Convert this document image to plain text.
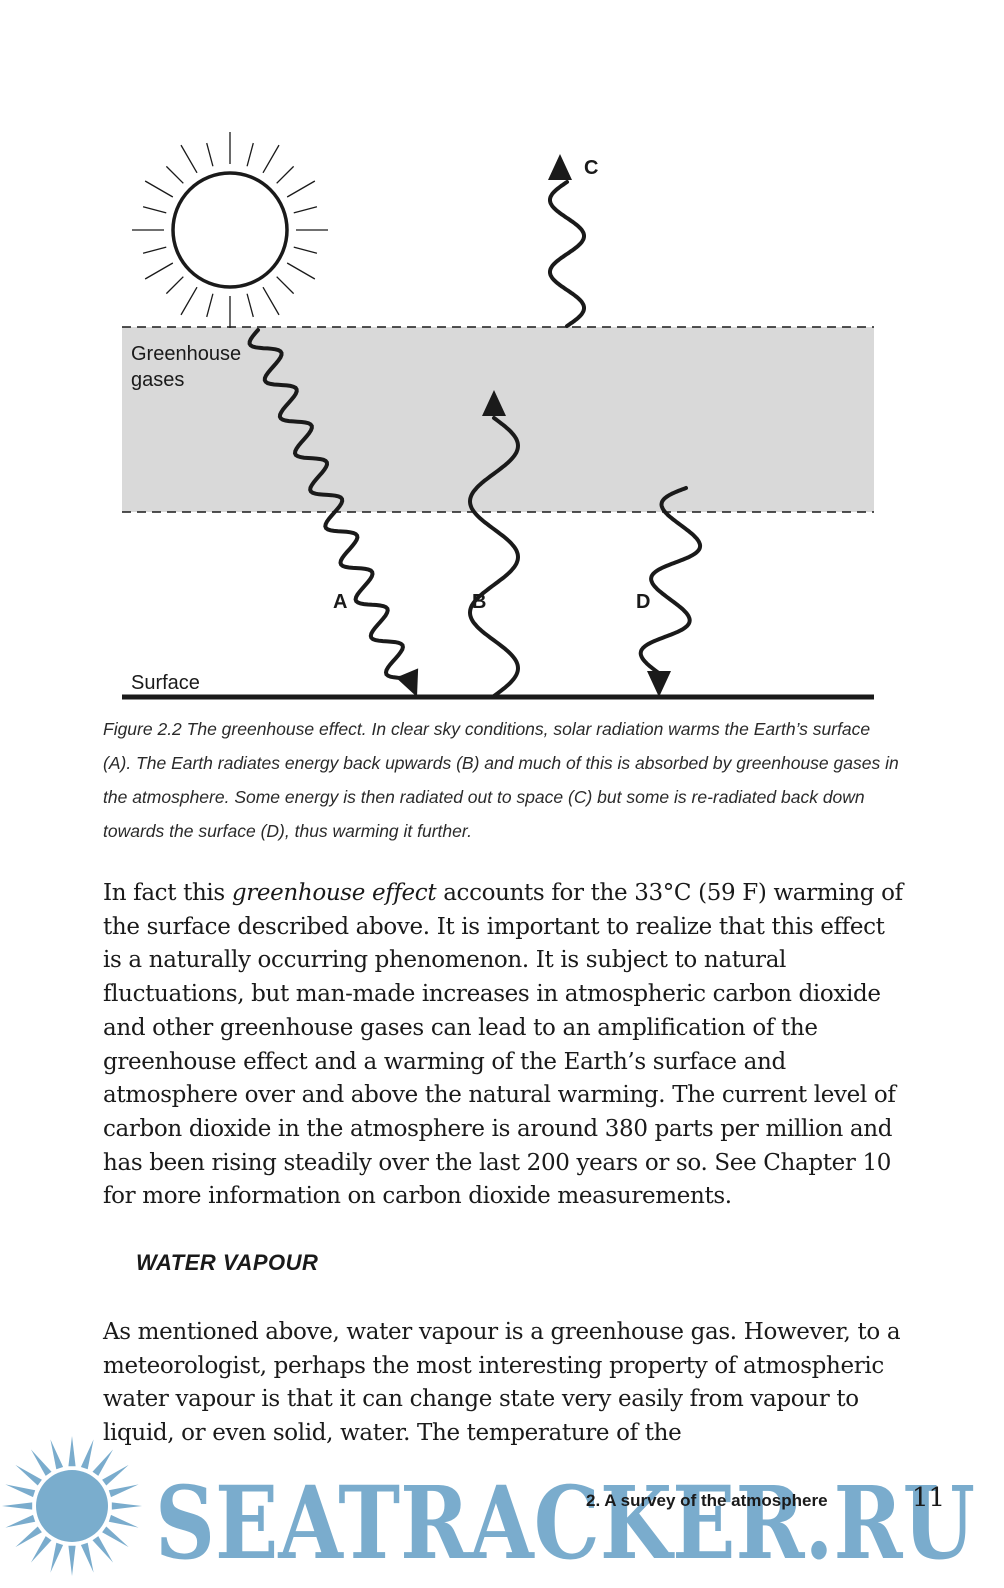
Greenhouse
gases
Surface
A	B
C
D

Figure 2.2 The greenhouse effect. In clear sky conditions, solar radiation warms the Earth’s surface (A). The Earth radiates energy back upwards (B) and much of this is absorbed by greenhouse gases in the atmosphere. Some energy is then radiated out to space (C) but some is re-radiated back down towards the surface (D), thus warming it further.

In fact this greenhouse effect accounts for the 33°C (59 F) warming of the surface described above. It is important to realize that this effect is a naturally occurring phenomenon. It is subject to natural fluctuations, but man-made increases in atmospheric carbon dioxide and other greenhouse gases can lead to an amplification of the greenhouse effect and a warming of the Earth’s surface and atmosphere over and above the natural warming. The current level of carbon dioxide in the atmosphere is around 380 parts per million and has been rising steadily over the last 200 years or so. See Chapter 10 for more information on carbon dioxide measurements.

WATER VAPOUR

As mentioned above, water vapour is a greenhouse gas. However, to a meteorologist, perhaps the most interesting property of atmospheric water vapour is that it can change state very easily from vapour to liquid, or even solid, water. The temperature of the

SEATRACKER.RU

2. A survey of the atmosphere	11
